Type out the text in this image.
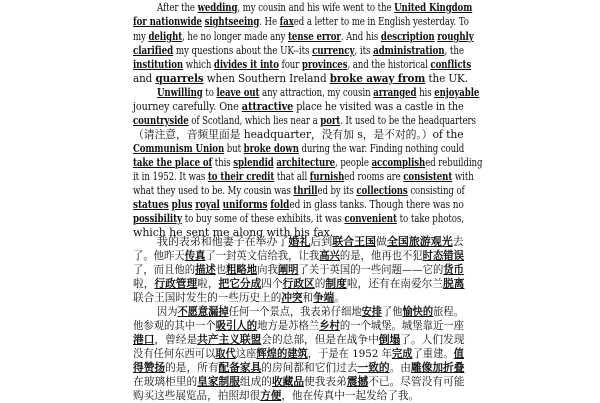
After the wedding, my cousin and his wife went to the United Kingdom
for nationwide sightseeing. He faxed a letter to me in English yesterday. To
my delight, he no longer made any tense error. And his description roughly
clarified my questions about the UK--its currency, its administration, the
institution which divides it into four provinces, and the historical conflicts
and quarrels when Southern Ireland broke away from the UK.
Unwilling to leave out any attraction, my cousin arranged his enjoyable
journey carefully. One attractive place he visited was a castle in the
countryside of Scotland, which lies near a port. It used to be the headquarters
（请注意，音频里面是 headquarter，没有加 s，是不对的。）of the
Communism Union but broke down during the war. Finding nothing could
take the place of this splendid architecture, people accomplished rebuilding
it in 1952. It was to their credit that all furnished rooms are consistent with
what they used to be. My cousin was thrilled by its collections consisting of
statues plus royal uniforms folded in glass tanks. Though there was no
possibility to buy some of these exhibits, it was convenient to take photos,
which he sent me along with his fax.
我的表弟和他妻子在举办了婚礼后到联合王国做全国旅游观光去
了。他昨天传真了一封英文信给我，让我高兴的是，他再也不犯时态错误
了，而且他的描述也粗略地向我阐明了关于英国的一些问题——它的货币
啦，行政管理啦，把它分成四个行政区的制度啦，还有在南爱尔兰脱离
联合王国时发生的一些历史上的冲突和争端。
因为不愿意漏掉任何一个景点，我表弟仔细地安排了他愉快的旅程。
他参观的其中一个吸引人的地方是苏格兰乡村的一个城堡。城堡靠近一座
港口，曾经是共产主义联盟会的总部，但是在战争中倒塌了。人们发现
没有任何东西可以取代这座辉煌的建筑，于是在 1952 年完成了重建。值
得赞扬的是，所有配备家具的房间都和它们过去一致的。由雕像加折叠
在玻璃柜里的皇家制服组成的收藏品使我表弟震撼不已。尽管没有可能
购买这些展览品，拍照却很方便，他在传真中一起发给了我。
